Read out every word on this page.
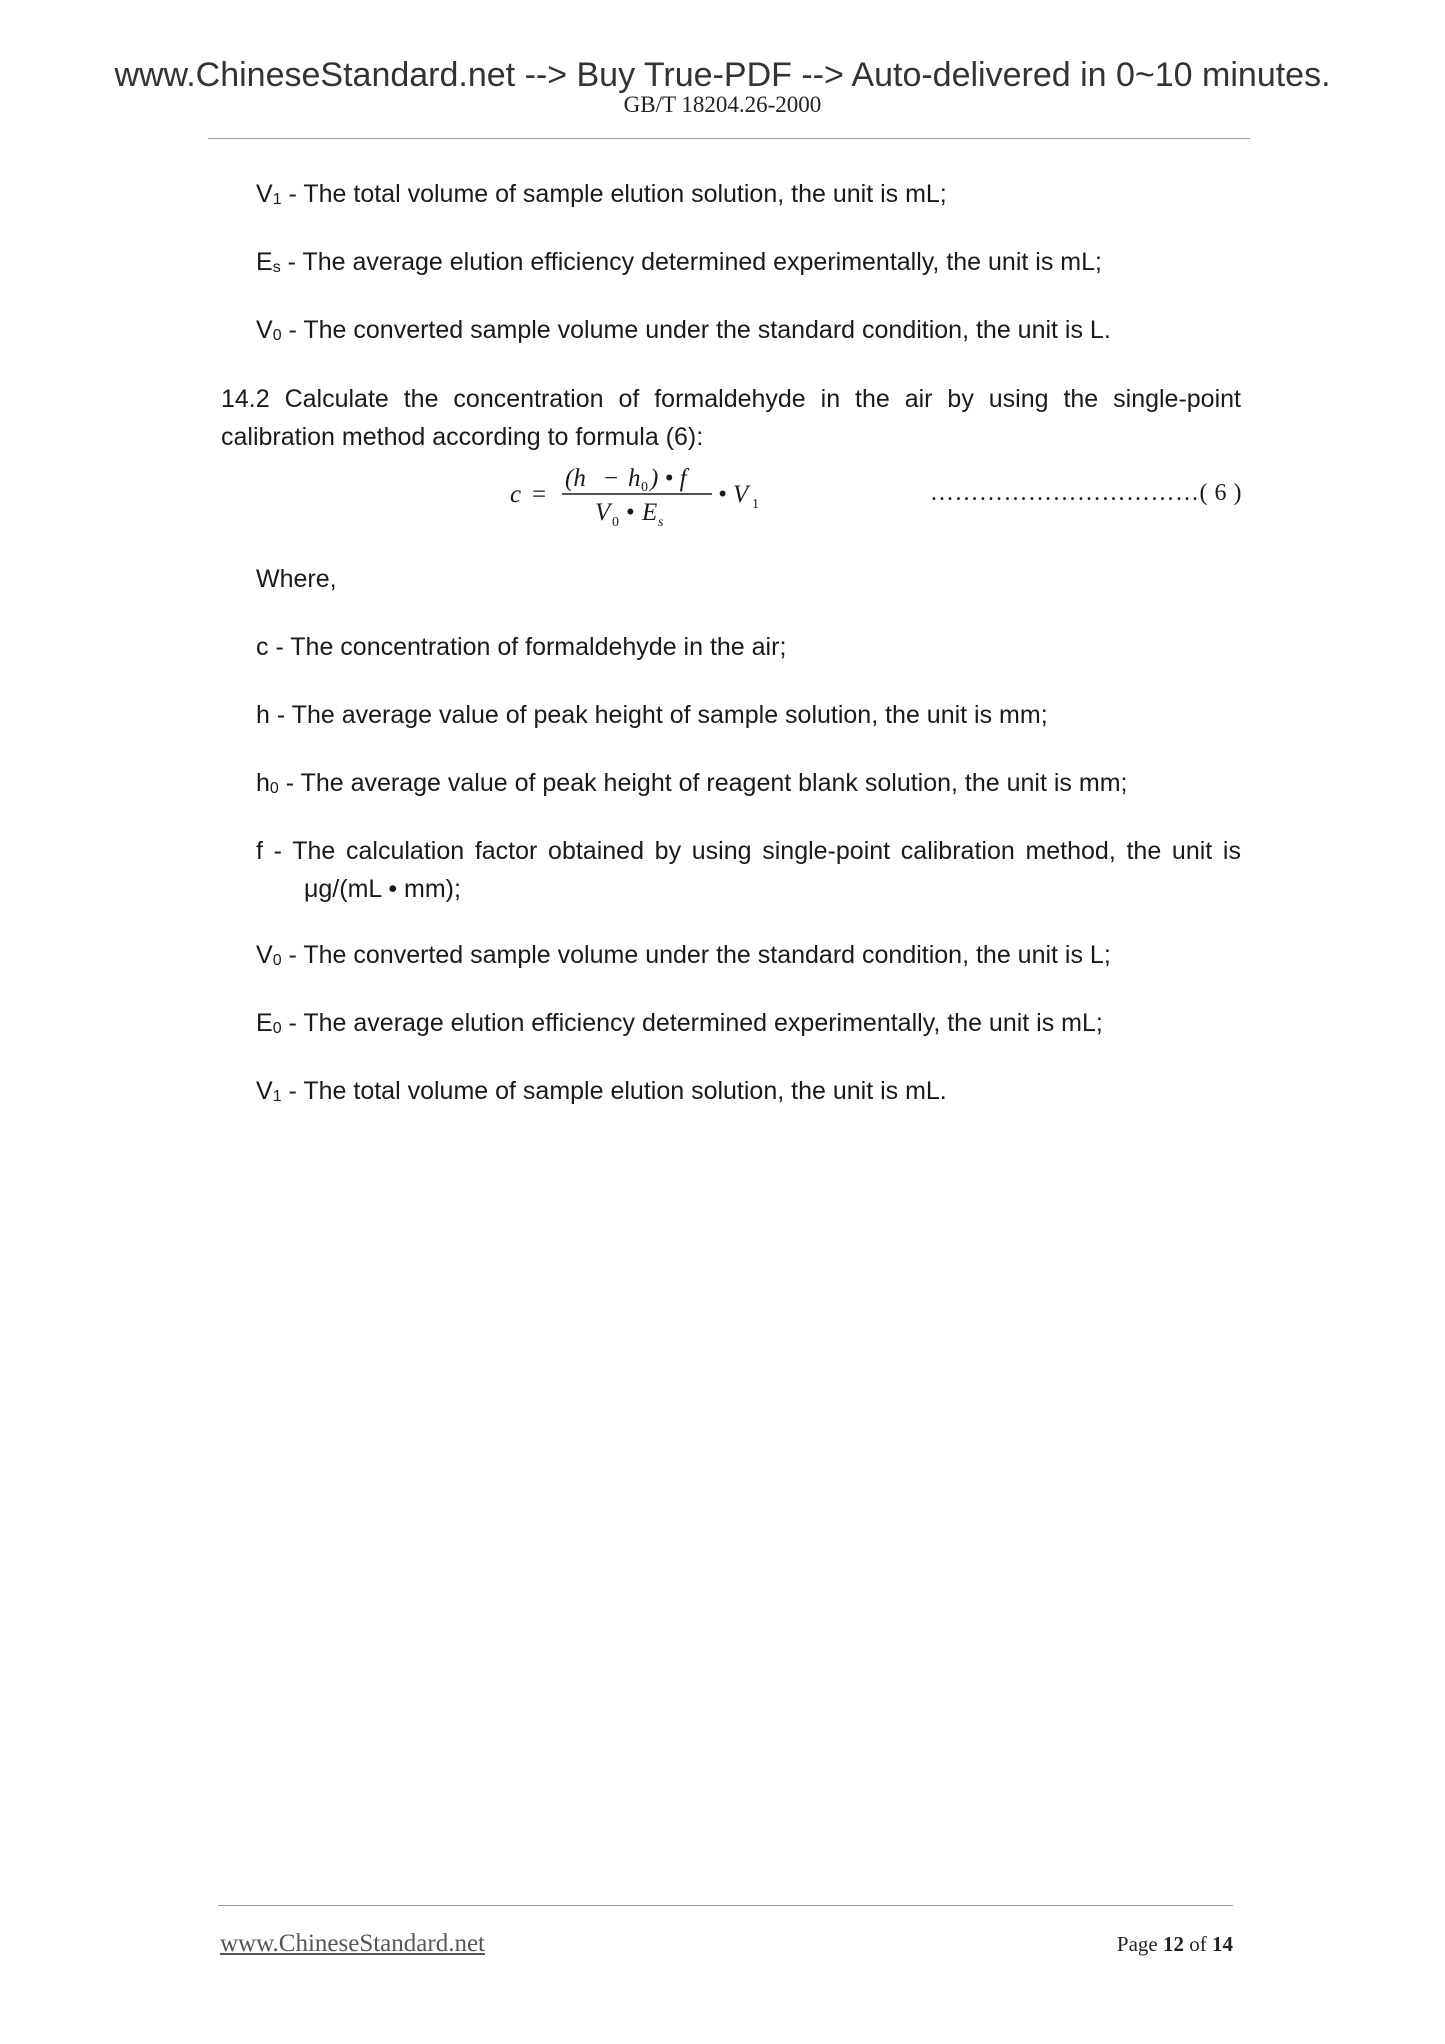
www.ChineseStandard.net --> Buy True-PDF --> Auto-delivered in 0~10 minutes.
GB/T 18204.26-2000
V1 - The total volume of sample elution solution, the unit is mL;
Es - The average elution efficiency determined experimentally, the unit is mL;
V0 - The converted sample volume under the standard condition, the unit is L.
14.2 Calculate the concentration of formaldehyde in the air by using the single-point
calibration method according to formula (6):
c =
(h − h 0 ) • f
V 0 • E s
• V 1	……………………………( 6 )
Where,
c - The concentration of formaldehyde in the air;
h - The average value of peak height of sample solution, the unit is mm;
h0 - The average value of peak height of reagent blank solution, the unit is mm;
f - The calculation factor obtained by using single-point calibration method, the unit is
μg/(mL • mm);
V0 - The converted sample volume under the standard condition, the unit is L;
E0 - The average elution efficiency determined experimentally, the unit is mL;
V1 - The total volume of sample elution solution, the unit is mL.
www.ChineseStandard.net	Page 12 of 14
